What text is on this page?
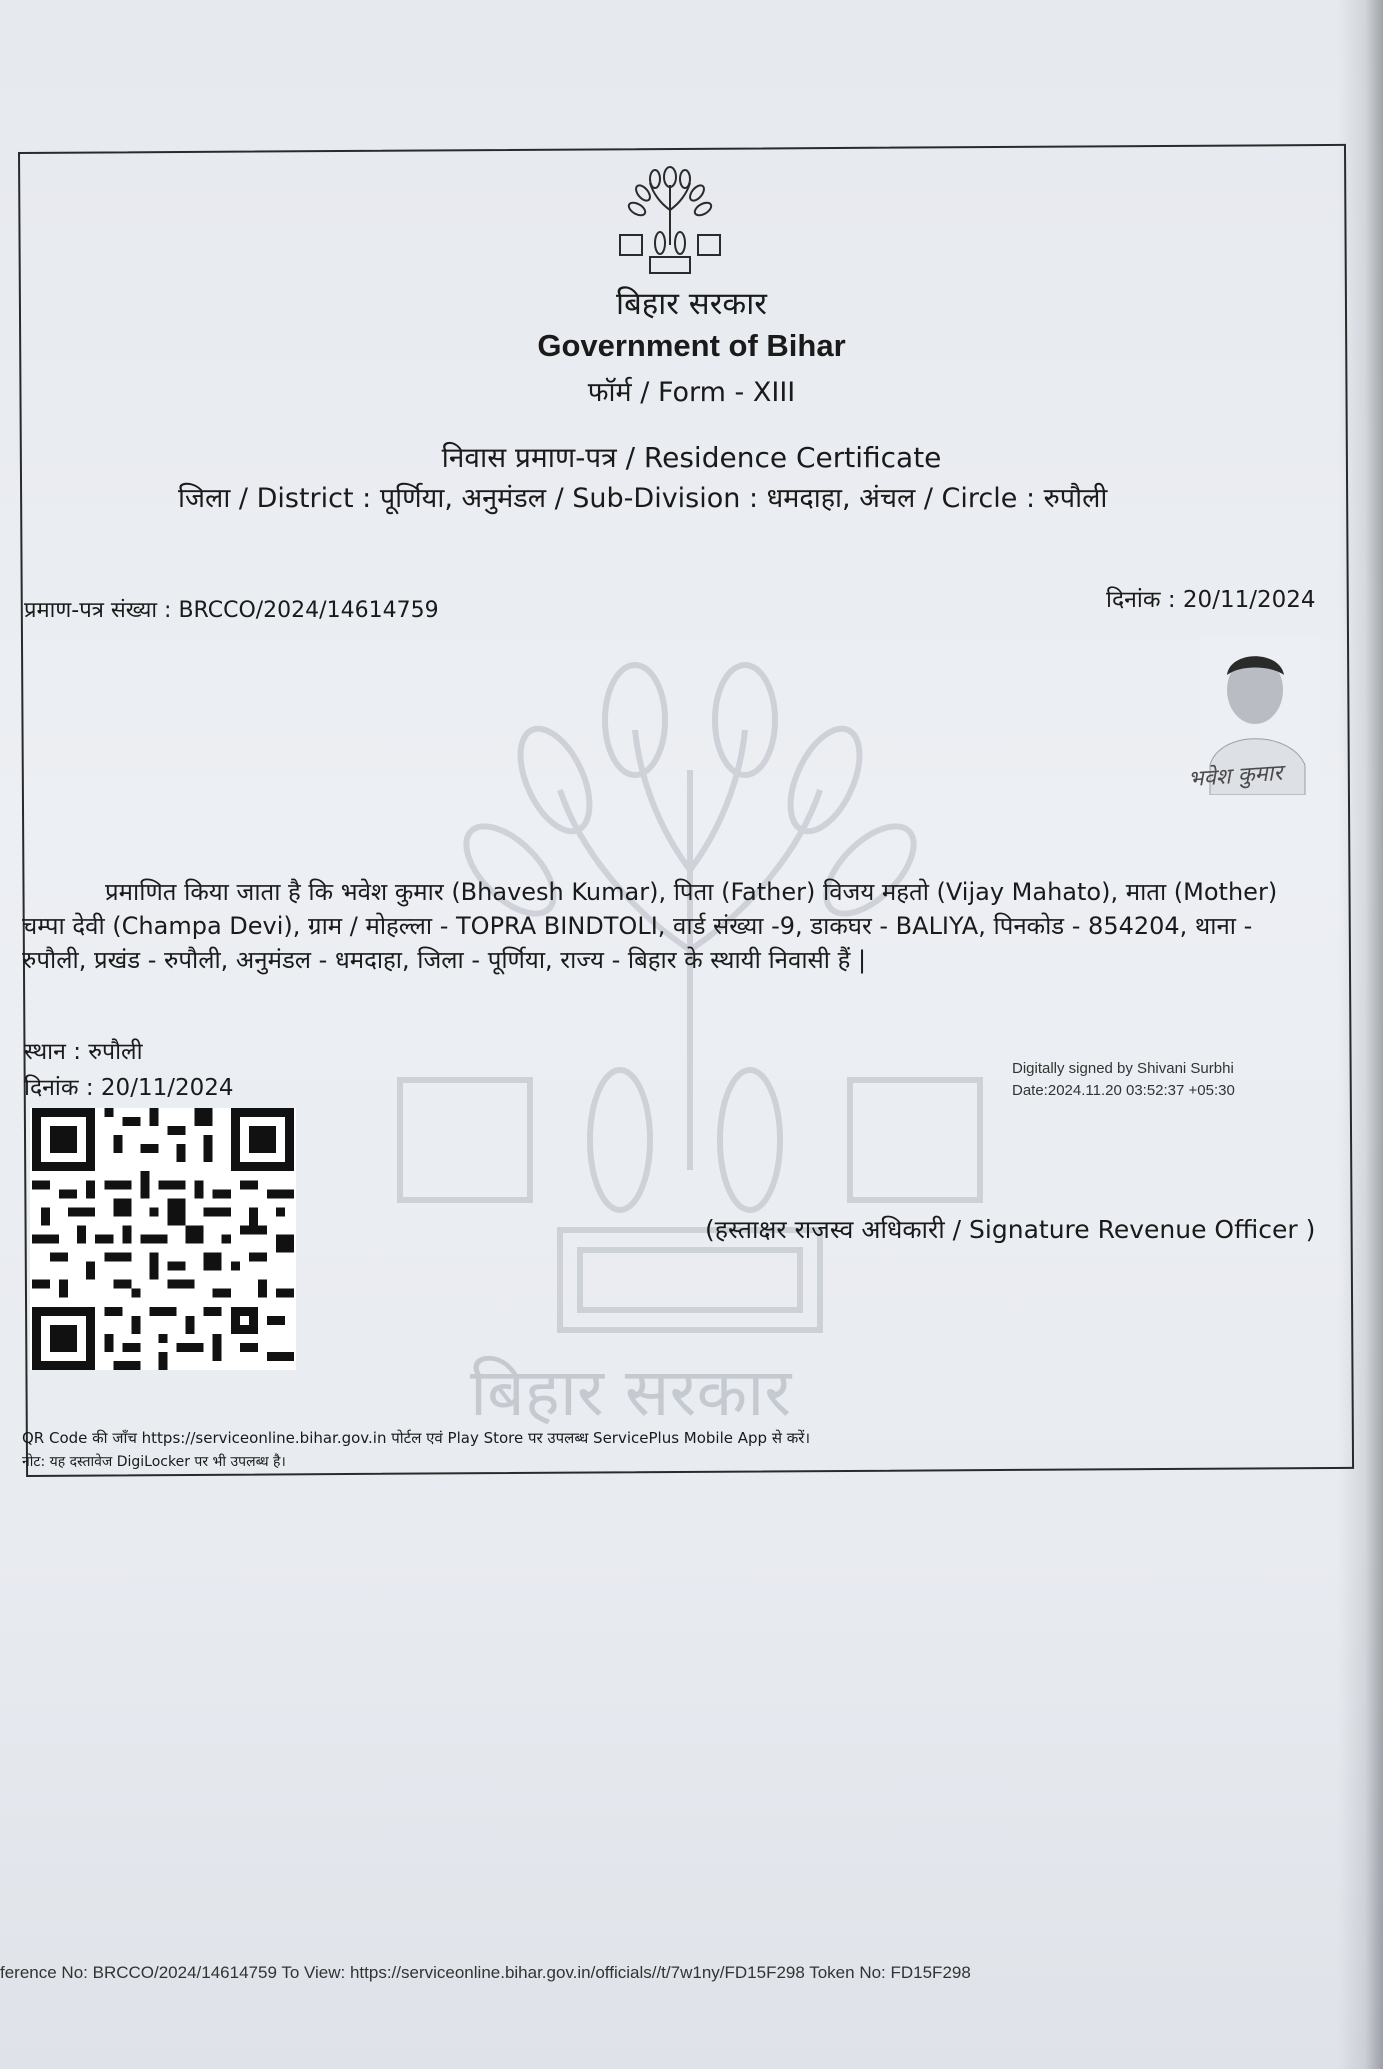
बिहार सरकार
बिहार सरकार
Government of Bihar
फॉर्म / Form - XIII
निवास प्रमाण-पत्र / Residence Certificate
जिला / District : पूर्णिया, अनुमंडल / Sub-Division : धमदाहा, अंचल / Circle : रुपौली
प्रमाण-पत्र संख्या : BRCCO/2024/14614759	दिनांक : 20/11/2024
भवेश कुमार
प्रमाणित किया जाता है कि भवेश कुमार (Bhavesh Kumar), पिता (Father) विजय महतो (Vijay Mahato), माता (Mother)
चम्पा देवी (Champa Devi), ग्राम / मोहल्ला - TOPRA BINDTOLI, वार्ड संख्या -9, डाकघर - BALIYA, पिनकोड - 854204, थाना -
रुपौली, प्रखंड - रुपौली, अनुमंडल - धमदाहा, जिला - पूर्णिया, राज्य - बिहार के स्थायी निवासी हैं |
स्थान : रुपौली
दिनांक : 20/11/2024
Digitally signed by Shivani Surbhi
Date:2024.11.20 03:52:37 +05:30
(हस्ताक्षर राजस्व अधिकारी / Signature Revenue Officer )
QR Code की जाँच https://serviceonline.bihar.gov.in पोर्टल एवं Play Store पर उपलब्ध ServicePlus Mobile App से करें।
नोट: यह दस्तावेज DigiLocker पर भी उपलब्ध है।
ference No: BRCCO/2024/14614759 To View: https://serviceonline.bihar.gov.in/officials//t/7w1ny/FD15F298 Token No: FD15F298
